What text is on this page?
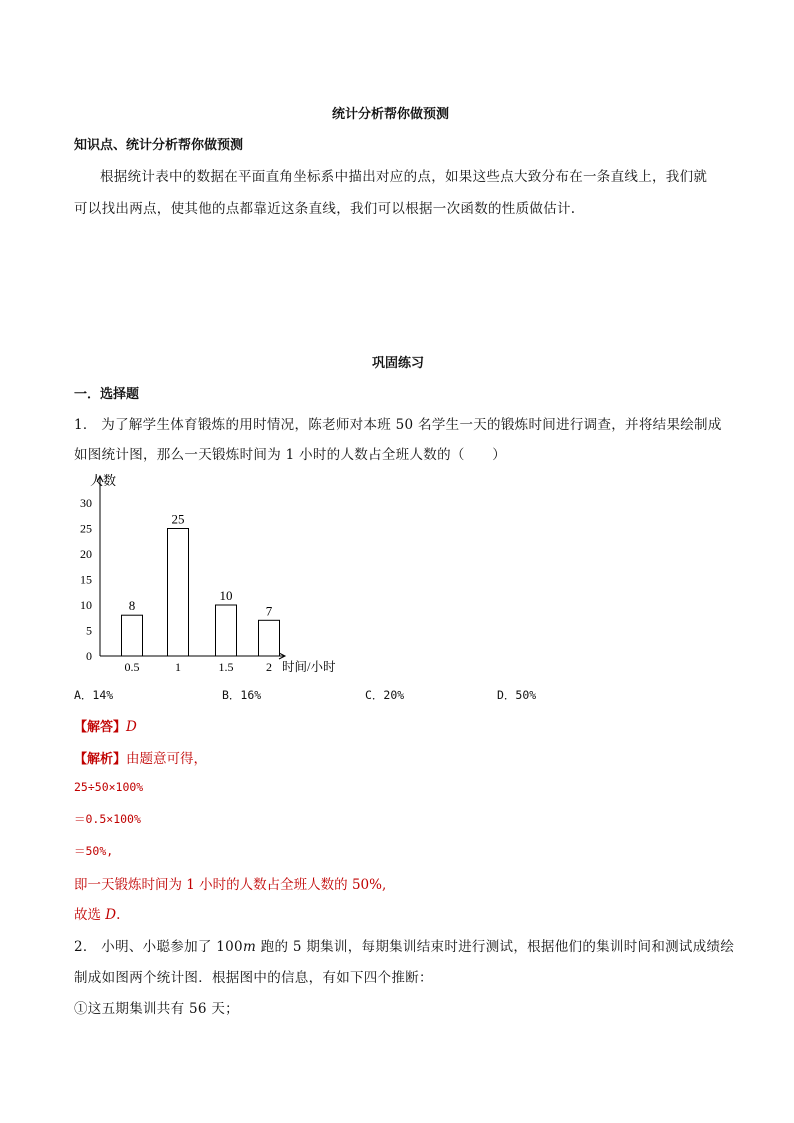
统计分析帮你做预测
知识点、统计分析帮你做预测
根据统计表中的数据在平面直角坐标系中描出对应的点，如果这些点大致分布在一条直线上，我们就
可以找出两点，使其他的点都靠近这条直线，我们可以根据一次函数的性质做估计.
巩固练习
一．选择题
1． 为了解学生体育锻炼的用时情况，陈老师对本班 50 名学生一天的锻炼时间进行调查，并将结果绘制成
如图统计图，那么一天锻炼时间为 1 小时的人数占全班人数的（　　）
0
5
10
15
20
25
30
人数
8
0.5
25
1
10
1.5
7
2 时间/小时
A．14%	B．16%	C．20%	D．50%
【解答】D
【解析】由题意可得，
25÷50×100%
＝0.5×100%
＝50%,
即一天锻炼时间为 1 小时的人数占全班人数的 50%,
故选 D.
2． 小明、小聪参加了 100m 跑的 5 期集训，每期集训结束时进行测试，根据他们的集训时间和测试成绩绘
制成如图两个统计图．根据图中的信息，有如下四个推断：
①这五期集训共有 56 天；
